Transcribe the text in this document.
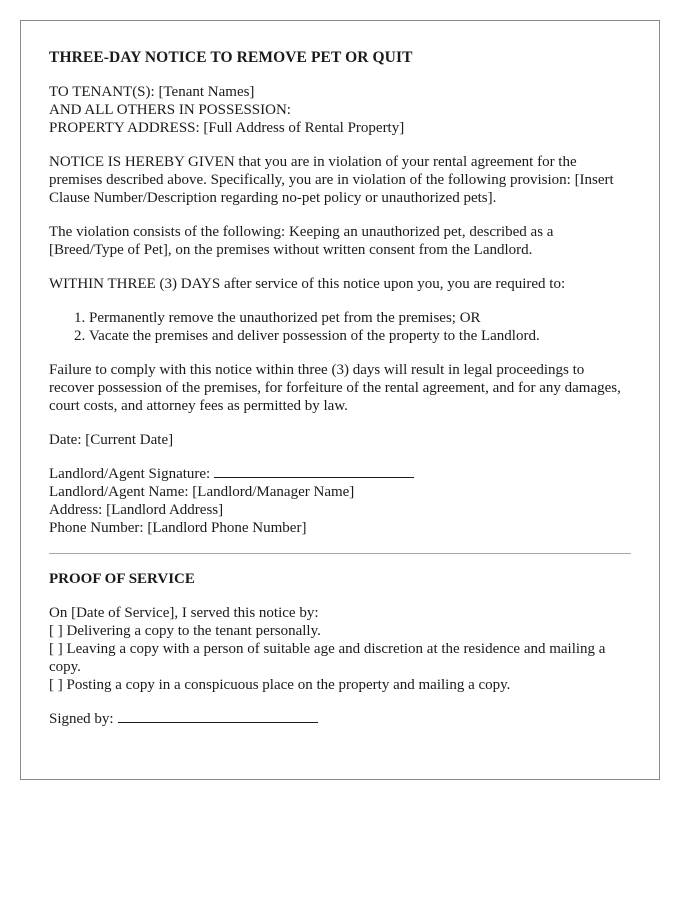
THREE-DAY NOTICE TO REMOVE PET OR QUIT
TO TENANT(S): [Tenant Names]
AND ALL OTHERS IN POSSESSION:
PROPERTY ADDRESS: [Full Address of Rental Property]
NOTICE IS HEREBY GIVEN that you are in violation of your rental agreement for the premises described above. Specifically, you are in violation of the following provision: [Insert Clause Number/Description regarding no-pet policy or unauthorized pets].
The violation consists of the following: Keeping an unauthorized pet, described as a [Breed/Type of Pet], on the premises without written consent from the Landlord.
WITHIN THREE (3) DAYS after service of this notice upon you, you are required to:
1. Permanently remove the unauthorized pet from the premises; OR
2. Vacate the premises and deliver possession of the property to the Landlord.
Failure to comply with this notice within three (3) days will result in legal proceedings to recover possession of the premises, for forfeiture of the rental agreement, and for any damages, court costs, and attorney fees as permitted by law.
Date: [Current Date]
Landlord/Agent Signature:
Landlord/Agent Name: [Landlord/Manager Name]
Address: [Landlord Address]
Phone Number: [Landlord Phone Number]
PROOF OF SERVICE
On [Date of Service], I served this notice by:
[ ] Delivering a copy to the tenant personally.
[ ] Leaving a copy with a person of suitable age and discretion at the residence and mailing a copy.
[ ] Posting a copy in a conspicuous place on the property and mailing a copy.
Signed by:
